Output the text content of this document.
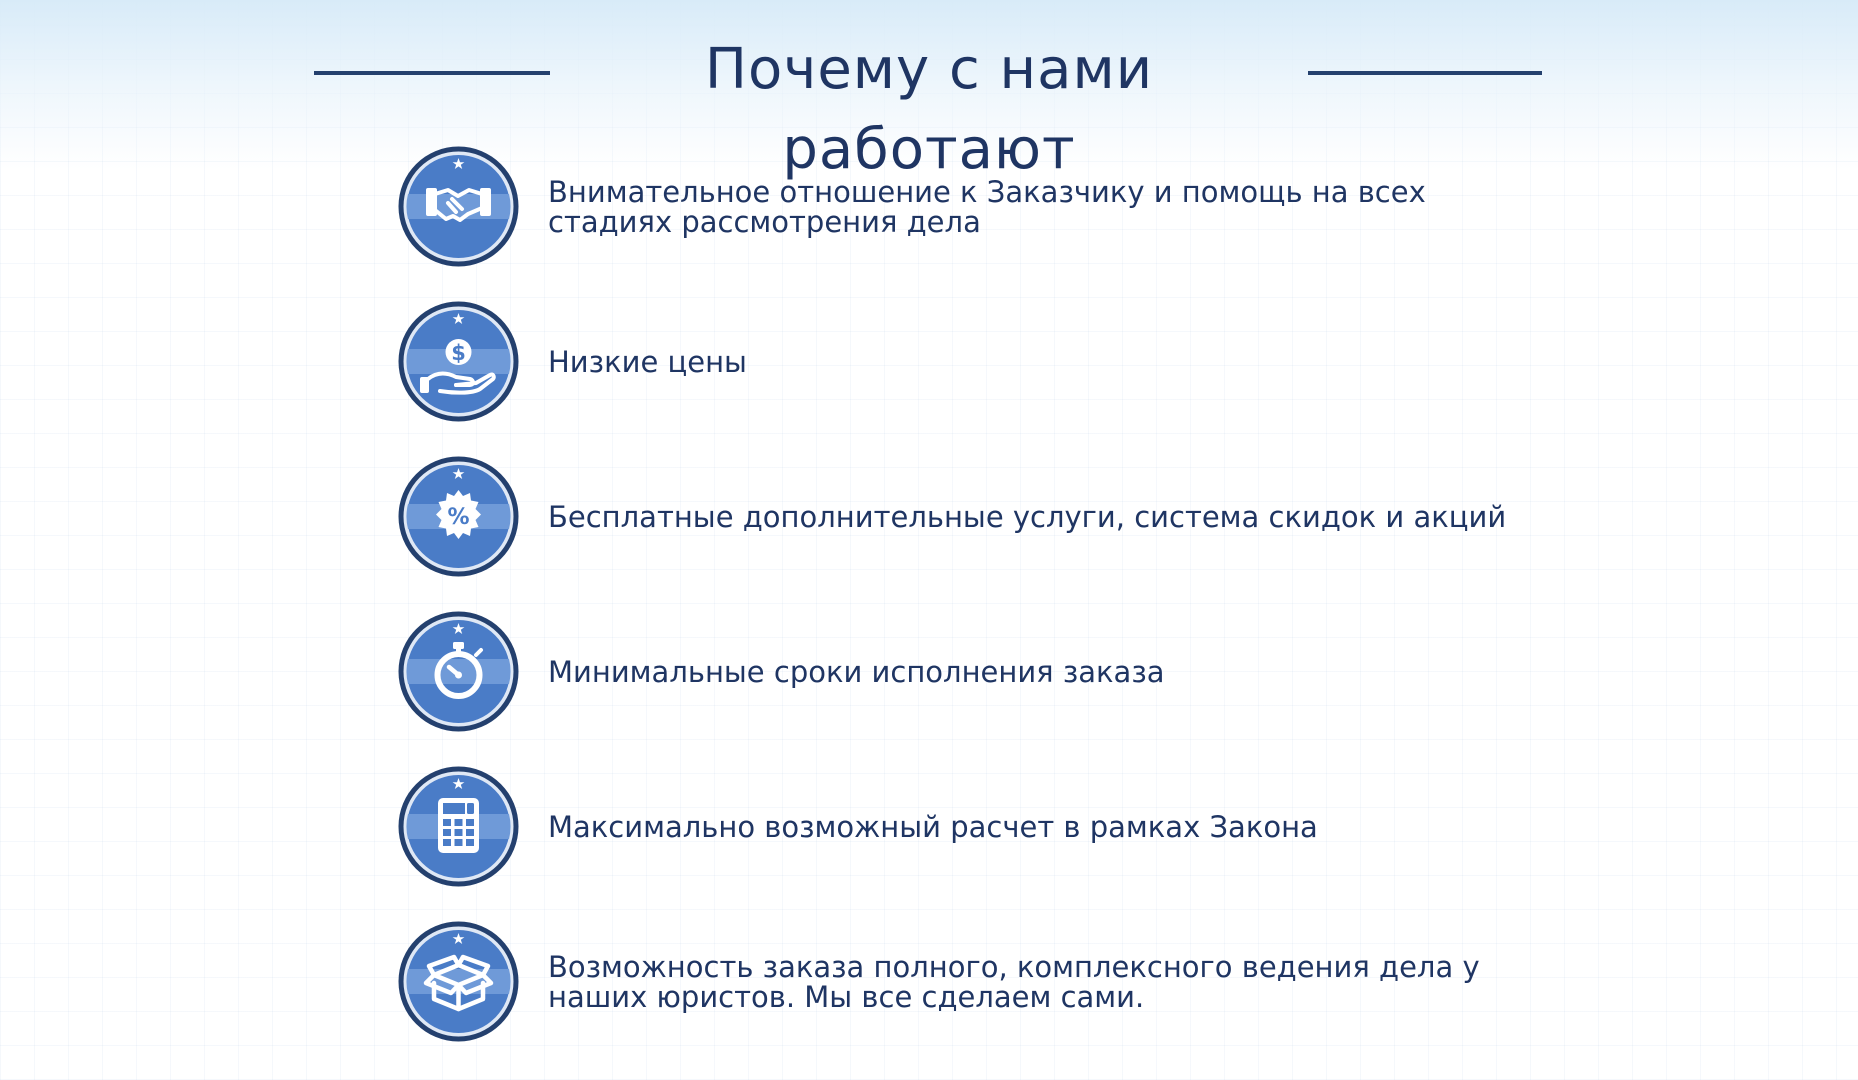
Почему с нами работают
Внимательное отношение к Заказчику и помощь на всех стадиях рассмотрения дела
$	Низкие цены
%	Бесплатные дополнительные услуги, система скидок и акций
Минимальные сроки исполнения заказа
Максимально возможный расчет в рамках Закона
Возможность заказа полного, комплексного ведения дела у наших юристов. Мы все сделаем сами.
